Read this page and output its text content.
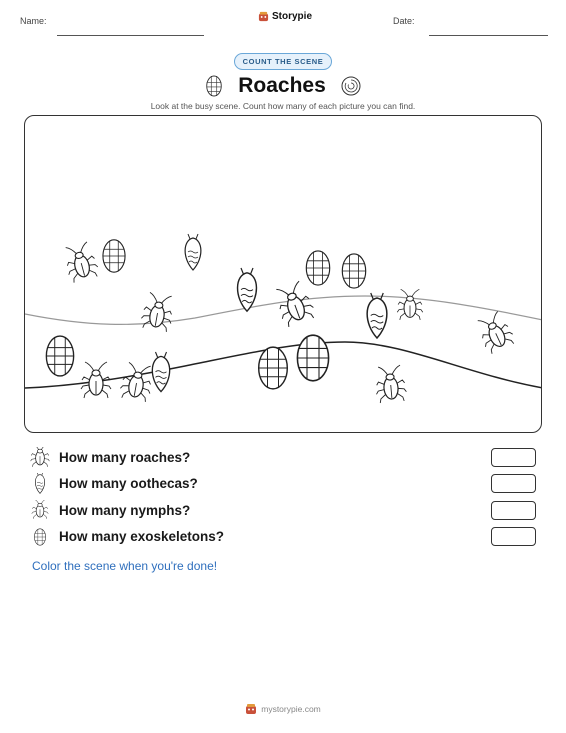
Name:	Storypie	Date:
COUNT THE SCENE
Roaches
Look at the busy scene. Count how many of each picture you can find.
How many roaches?
How many oothecas?
How many nymphs?
How many exoskeletons?
Color the scene when you're done!
mystorypie.com
